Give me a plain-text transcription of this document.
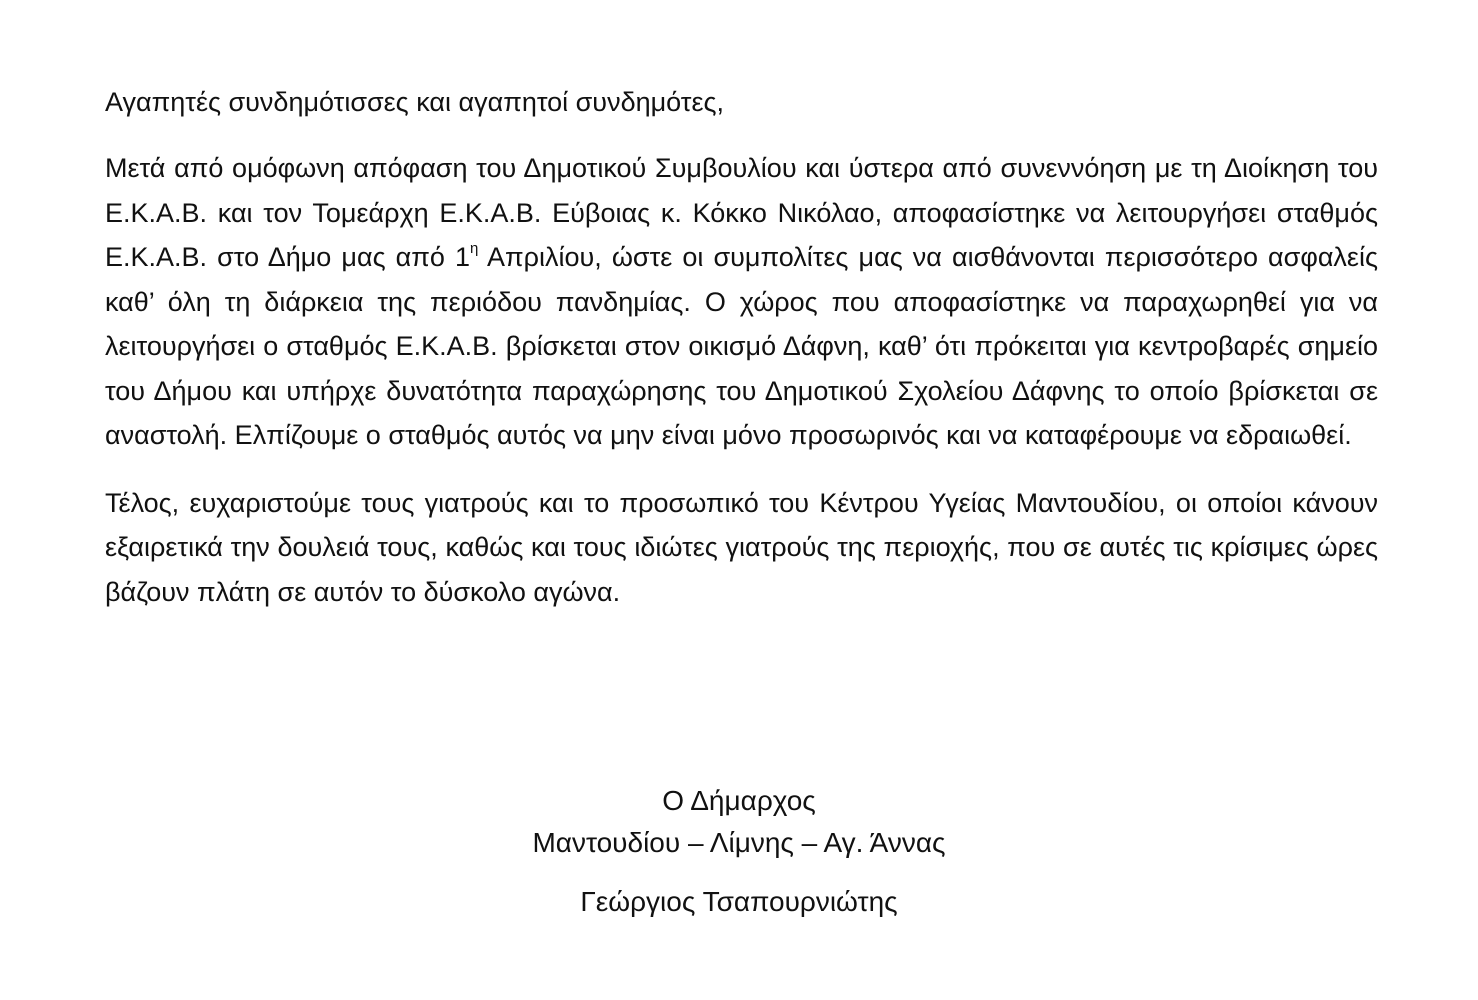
Αγαπητές συνδημότισσες και αγαπητοί συνδημότες,

Μετά από ομόφωνη απόφαση του Δημοτικού Συμβουλίου και ύστερα από συνεννόηση με τη Διοίκηση του Ε.Κ.Α.Β. και τον Τομεάρχη Ε.Κ.Α.Β. Εύβοιας κ. Κόκκο Νικόλαο, αποφασίστηκε να λειτουργήσει σταθμός Ε.Κ.Α.Β. στο Δήμο μας από $1^\eta$ Απριλίου, ώστε οι συμπολίτες μας να αισθάνονται περισσότερο ασφαλείς καθ’ όλη τη διάρκεια της περιόδου πανδημίας. Ο χώρος που αποφασίστηκε να παραχωρηθεί για να λειτουργήσει ο σταθμός Ε.Κ.Α.Β. βρίσκεται στον οικισμό Δάφνη, καθ’ ότι πρόκειται για κεντροβαρές σημείο του Δήμου και υπήρχε δυνατότητα παραχώρησης του Δημοτικού Σχολείου Δάφνης το οποίο βρίσκεται σε αναστολή. Ελπίζουμε ο σταθμός αυτός να μην είναι μόνο προσωρινός και να καταφέρουμε να εδραιωθεί.

Τέλος, ευχαριστούμε τους γιατρούς και το προσωπικό του Κέντρου Υγείας Μαντουδίου, οι οποίοι κάνουν εξαιρετικά την δουλειά τους, καθώς και τους ιδιώτες γιατρούς της περιοχής, που σε αυτές τις κρίσιμες ώρες βάζουν πλάτη σε αυτόν το δύσκολο αγώνα.

Ο Δήμαρχος
Μαντουδίου – Λίμνης – Αγ. Άννας
Γεώργιος Τσαπουρνιώτης
